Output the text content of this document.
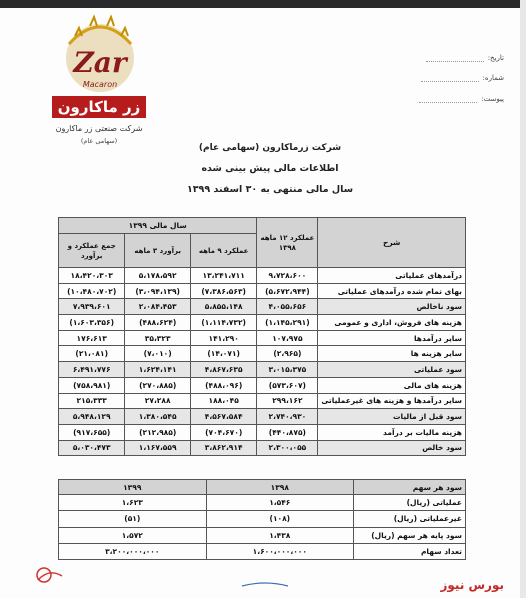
Zar
Macaron
زر ماکارون
شرکت صنعتی زر ماکارون
(سهامی عام)
تاریخ:
شماره:
پیوست:
شرکت زرماکارون (سهامی عام)
اطلاعات مالی پیش بینی شده
سال مالی منتهی به ۳۰ اسفند ۱۳۹۹
شرح	عملکرد ۱۲ ماهه ۱۳۹۸	سال مالی ۱۳۹۹		
		عملکرد ۹ ماهه	برآورد ۳ ماهه	جمع عملکرد و برآورد
درآمدهای عملیاتی	۹،۷۲۸،۶۰۰	۱۳،۲۴۱،۷۱۱	۵،۱۷۸،۵۹۲	۱۸،۴۲۰،۳۰۳
بهای تمام شده درآمدهای عملیاتی	(۵،۶۷۲،۹۴۴)	(۷،۳۸۶،۵۶۳)	(۳،۰۹۴،۱۳۹)	(۱۰،۴۸۰،۷۰۲)
سود ناخالص	۴،۰۵۵،۶۵۶	۵،۸۵۵،۱۴۸	۲،۰۸۴،۴۵۳	۷،۹۳۹،۶۰۱
هزینه های فروش، اداری و عمومی	(۱،۱۴۵،۲۹۱)	(۱،۱۱۴،۷۳۲)	(۴۸۸،۶۲۴)	(۱،۶۰۳،۳۵۶)
سایر درآمدها	۱۰۷،۹۷۵	۱۴۱،۲۹۰	۳۵،۳۲۳	۱۷۶،۶۱۳
سایر هزینه ها	(۲،۹۶۵)	(۱۴،۰۷۱)	(۷،۰۱۰)	(۲۱،۰۸۱)
سود عملیاتی	۳،۰۱۵،۳۷۵	۴،۸۶۷،۶۳۵	۱،۶۲۴،۱۴۱	۶،۴۹۱،۷۷۶
هزینه های مالی	(۵۷۳،۶۰۷)	(۴۸۸،۰۹۶)	(۲۷۰،۸۸۵)	(۷۵۸،۹۸۱)
سایر درآمدها و هزینه های غیرعملیاتی	۲۹۹،۱۶۲	۱۸۸،۰۴۵	۲۷،۲۸۸	۲۱۵،۳۳۳
سود قبل از مالیات	۲،۷۴۰،۹۳۰	۴،۵۶۷،۵۸۴	۱،۳۸۰،۵۴۵	۵،۹۴۸،۱۲۹
هزینه مالیات بر درآمد	(۴۴۰،۸۷۵)	(۷۰۴،۶۷۰)	(۲۱۲،۹۸۵)	(۹۱۷،۶۵۵)
سود خالص	۲،۳۰۰،۰۵۵	۳،۸۶۲،۹۱۴	۱،۱۶۷،۵۵۹	۵،۰۳۰،۴۷۳
سود هر سهم	۱۳۹۸	۱۳۹۹
عملیاتی (ریال)	۱،۵۴۶	۱،۶۲۳
غیرعملیاتی (ریال)	(۱۰۸)	(۵۱)
سود پایه هر سهم (ریال)	۱،۴۳۸	۱،۵۷۲
تعداد سهام	۱،۶۰۰،۰۰۰،۰۰۰	۳،۲۰۰،۰۰۰،۰۰۰
بورس نیوز
